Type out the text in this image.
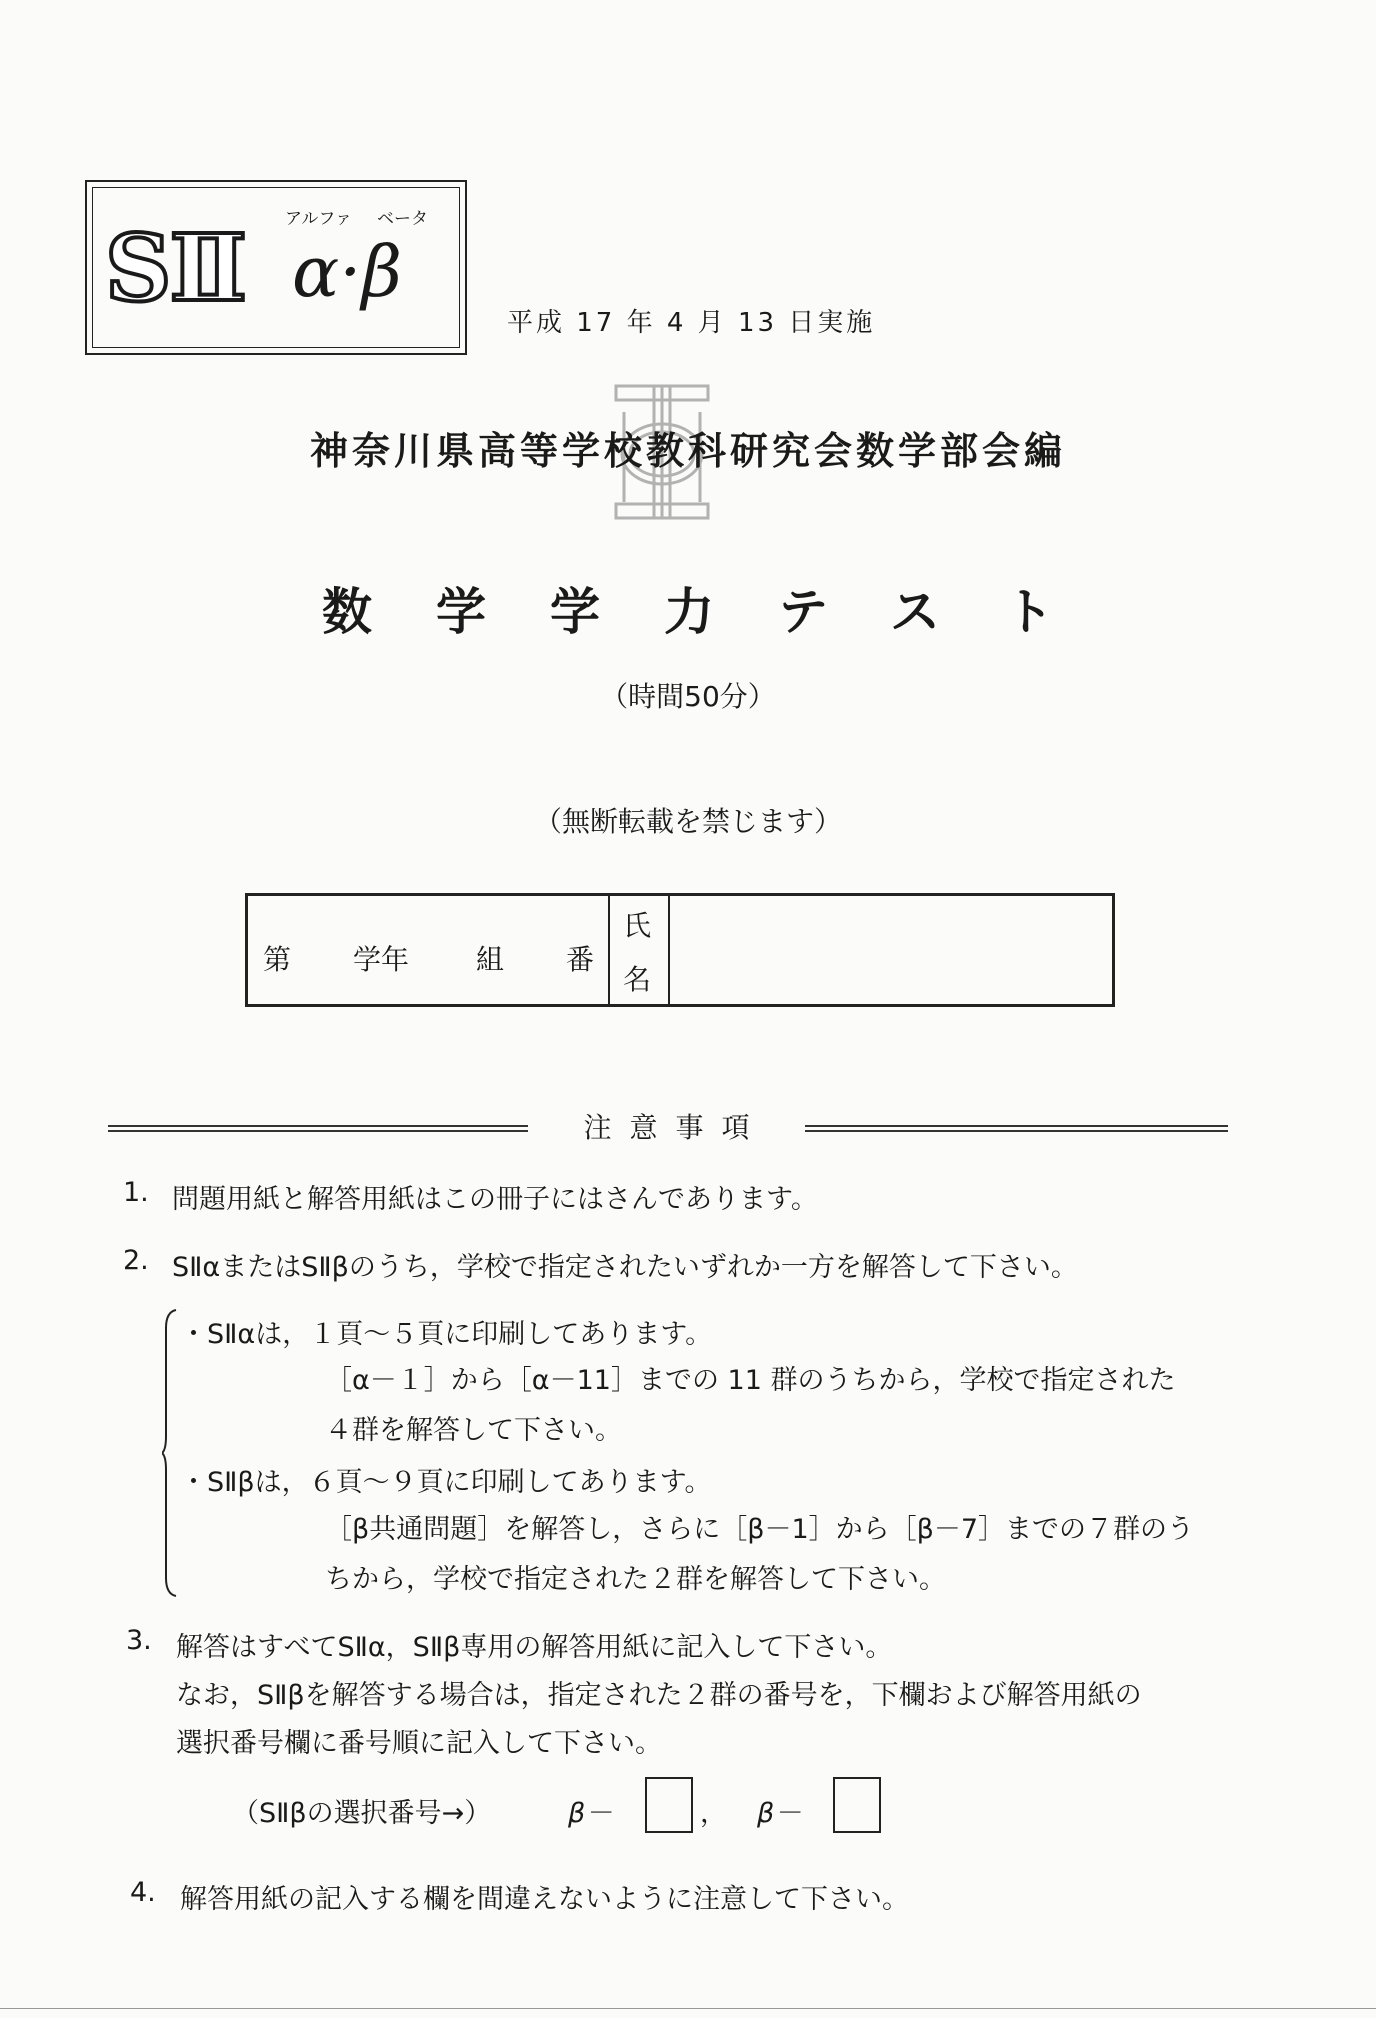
アルファ ベータ
SⅡ α·β
平成 17 年 4 月 13 日実施
神奈川県高等学校教科研究会数学部会編
数学学力テスト
（時間50分）
（無断転載を禁じます）
第 学年 組 番
氏
名
注意事項
1. 問題用紙と解答用紙はこの冊子にはさんであります。
2. SⅡαまたはSⅡβのうち，学校で指定されたいずれか一方を解答して下さい。
・SⅡαは，１頁～５頁に印刷してあります。
［α－１］から［α－11］までの 11 群のうちから，学校で指定された
４群を解答して下さい。
・SⅡβは，６頁～９頁に印刷してあります。
［β共通問題］を解答し，さらに［β－1］から［β－7］までの７群のう
ちから，学校で指定された２群を解答して下さい。
3. 解答はすべてSⅡα，SⅡβ専用の解答用紙に記入して下さい。
なお，SⅡβを解答する場合は，指定された２群の番号を，下欄および解答用紙の
選択番号欄に番号順に記入して下さい。
（SⅡβの選択番号→）	β－	， β－
4. 解答用紙の記入する欄を間違えないように注意して下さい。
